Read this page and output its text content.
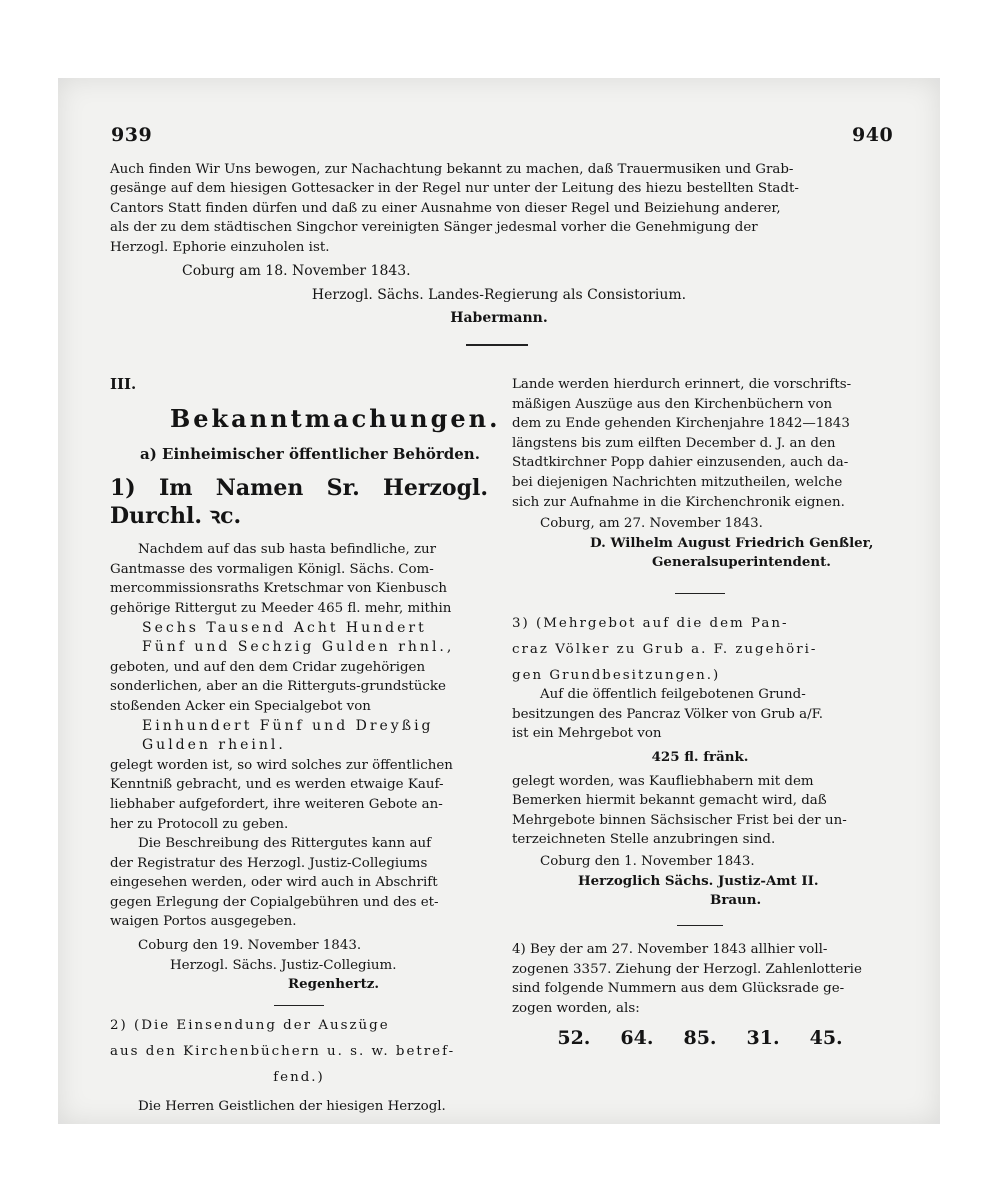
939	940

Auch finden Wir Uns bewogen, zur Nachachtung bekannt zu machen, daß Trauermusiken und Grab-

gesänge auf dem hiesigen Gottesacker in der Regel nur unter der Leitung des hiezu bestellten Stadt-

Cantors Statt finden dürfen und daß zu einer Ausnahme von dieser Regel und Beiziehung anderer,

als der zu dem städtischen Singchor vereinigten Sänger jedesmal vorher die Genehmigung der

Herzogl. Ephorie einzuholen ist.

Coburg am 18. November 1843.
Herzogl. Sächs. Landes-Regierung als Consistorium.
Habermann.

III.

Bekanntmachungen.

a) Einheimischer öffentlicher Behörden.

1) Im Namen Sr. Herzogl. Durchl. ꝛc.

Nachdem auf das sub hasta befindliche, zur

Gantmasse des vormaligen Königl. Sächs. Com-

mercommissionsraths Kretschmar von Kienbusch

gehörige Rittergut zu Meeder 465 fl. mehr, mithin

Sechs Tausend Acht Hundert

Fünf und Sechzig Gulden rhnl.,

geboten, und auf den dem Cridar zugehörigen

sonderlichen, aber an die Ritterguts-grundstücke

stoßenden Acker ein Specialgebot von

Einhundert Fünf und Dreyßig

Gulden rheinl.

gelegt worden ist, so wird solches zur öffentlichen

Kenntniß gebracht, und es werden etwaige Kauf-

liebhaber aufgefordert, ihre weiteren Gebote an-

her zu Protocoll zu geben.

Die Beschreibung des Rittergutes kann auf

der Registratur des Herzogl. Justiz-Collegiums

eingesehen werden, oder wird auch in Abschrift

gegen Erlegung der Copialgebühren und des et-

waigen Portos ausgegeben.

Coburg den 19. November 1843.

Herzogl. Sächs. Justiz-Collegium.

Regenhertz.

2) (Die Einsendung der Auszüge

aus den Kirchenbüchern u. s. w. betref-

fend.)

Die Herren Geistlichen der hiesigen Herzogl.

Lande werden hierdurch erinnert, die vorschrifts-

mäßigen Auszüge aus den Kirchenbüchern von

dem zu Ende gehenden Kirchenjahre 1842—1843

längstens bis zum eilften December d. J. an den

Stadtkirchner Popp dahier einzusenden, auch da-

bei diejenigen Nachrichten mitzutheilen, welche

sich zur Aufnahme in die Kirchenchronik eignen.

Coburg, am 27. November 1843.

D. Wilhelm August Friedrich Genßler,

Generalsuperintendent.

3) (Mehrgebot auf die dem Pan-

craz Völker zu Grub a. F. zugehöri-

gen Grundbesitzungen.)

Auf die öffentlich feilgebotenen Grund-

besitzungen des Pancraz Völker von Grub a/F.

ist ein Mehrgebot von

425 fl. fränk.

gelegt worden, was Kaufliebhabern mit dem

Bemerken hiermit bekannt gemacht wird, daß

Mehrgebote binnen Sächsischer Frist bei der un-

terzeichneten Stelle anzubringen sind.

Coburg den 1. November 1843.

Herzoglich Sächs. Justiz-Amt II.

Braun.

4) Bey der am 27. November 1843 allhier voll-

zogenen 3357. Ziehung der Herzogl. Zahlenlotterie

sind folgende Nummern aus dem Glücksrade ge-

zogen worden, als:

52. 64. 85. 31. 45.
